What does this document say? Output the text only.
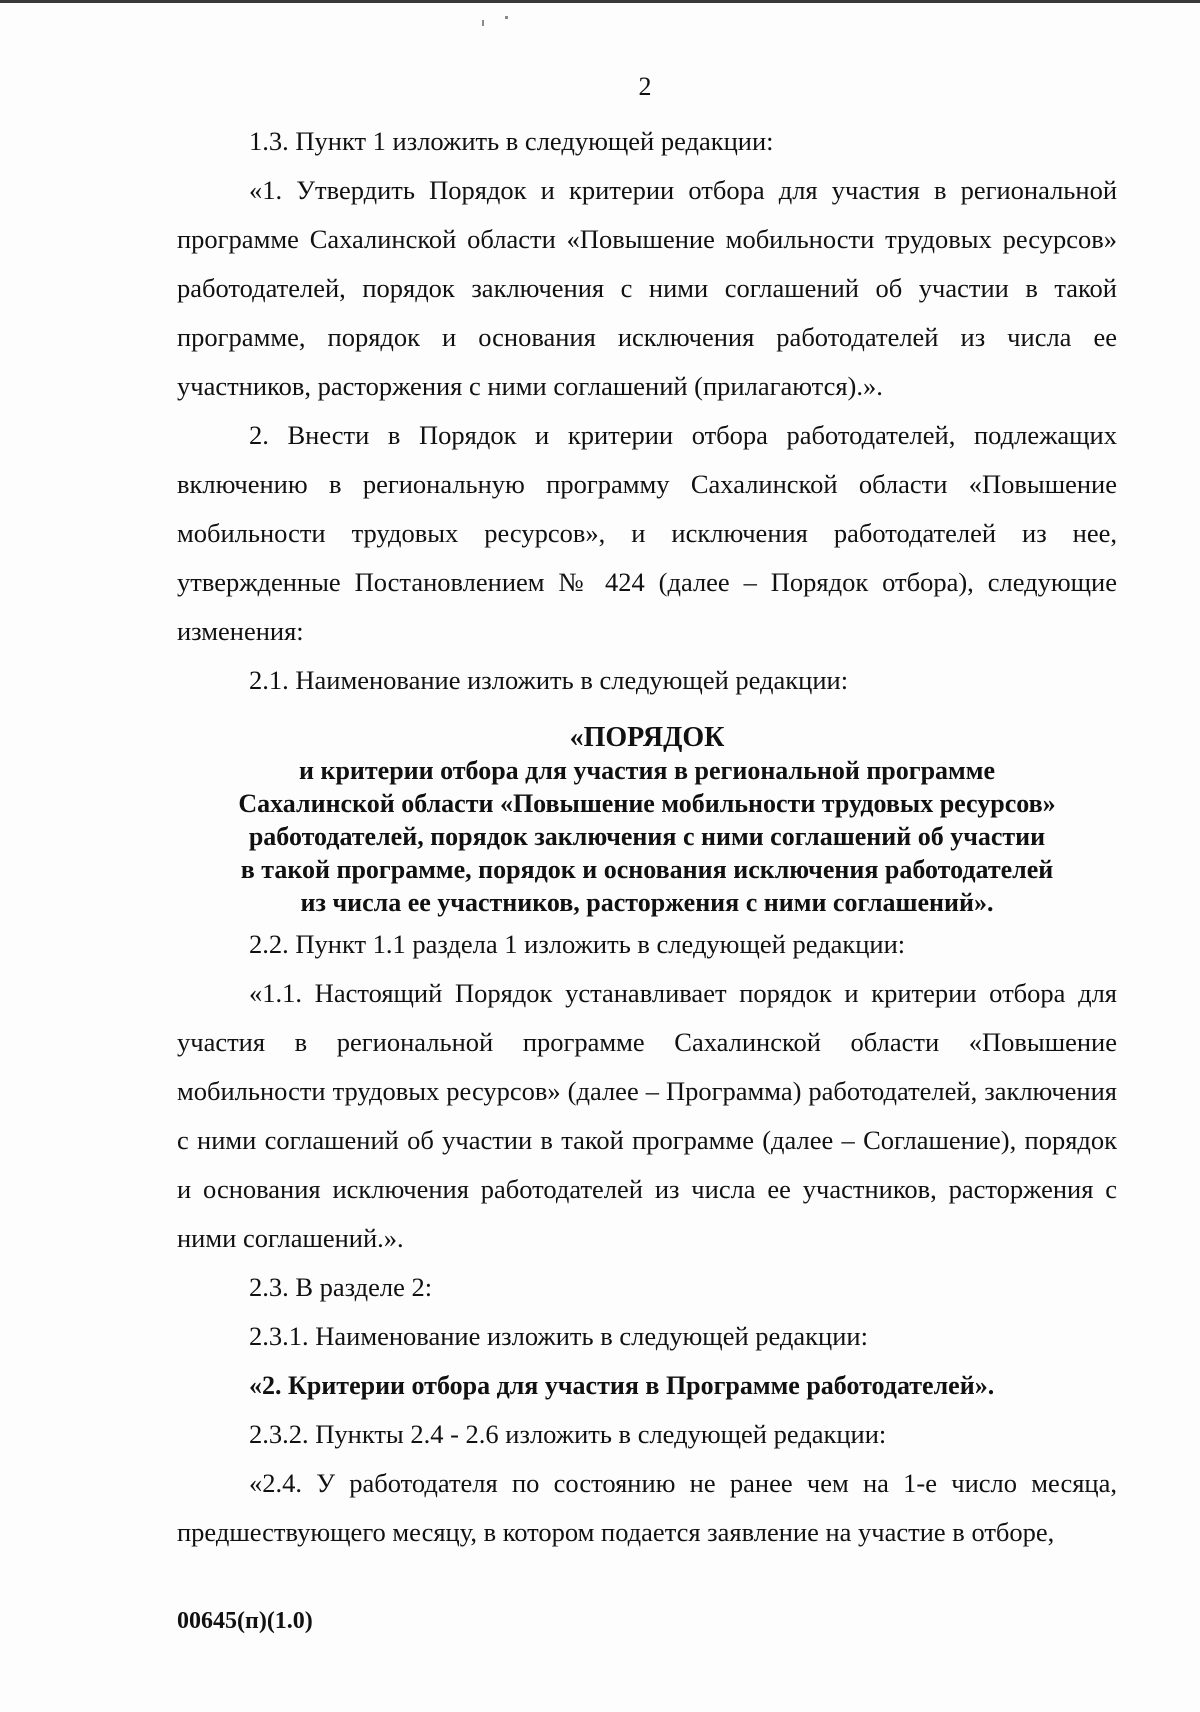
2

1.3. Пункт 1 изложить в следующей редакции:

«1. Утвердить Порядок и критерии отбора для участия в региональной программе Сахалинской области «Повышение мобильности трудовых ресурсов» работодателей, порядок заключения с ними соглашений об участии в такой программе, порядок и основания исключения работодателей из числа ее участников, расторжения с ними соглашений (прилагаются).».

2. Внести в Порядок и критерии отбора работодателей, подлежащих включению в региональную программу Сахалинской области «Повышение мобильности трудовых ресурсов», и исключения работодателей из нее, утвержденные Постановлением № 424 (далее – Порядок отбора), следующие изменения:

2.1. Наименование изложить в следующей редакции:

«ПОРЯДОК
и критерии отбора для участия в региональной программе
Сахалинской области «Повышение мобильности трудовых ресурсов»
работодателей, порядок заключения с ними соглашений об участии
в такой программе, порядок и основания исключения работодателей
из числа ее участников, расторжения с ними соглашений».

2.2. Пункт 1.1 раздела 1 изложить в следующей редакции:

«1.1. Настоящий Порядок устанавливает порядок и критерии отбора для участия в региональной программе Сахалинской области «Повышение мобильности трудовых ресурсов» (далее – Программа) работодателей, заключения с ними соглашений об участии в такой программе (далее – Соглашение), порядок и основания исключения работодателей из числа ее участников, расторжения с ними соглашений.».

2.3. В разделе 2:

2.3.1. Наименование изложить в следующей редакции:

«2. Критерии отбора для участия в Программе работодателей».

2.3.2. Пункты 2.4 - 2.6 изложить в следующей редакции:

«2.4. У работодателя по состоянию не ранее чем на 1-е число месяца, предшествующего месяцу, в котором подается заявление на участие в отборе,

00645(п)(1.0)
